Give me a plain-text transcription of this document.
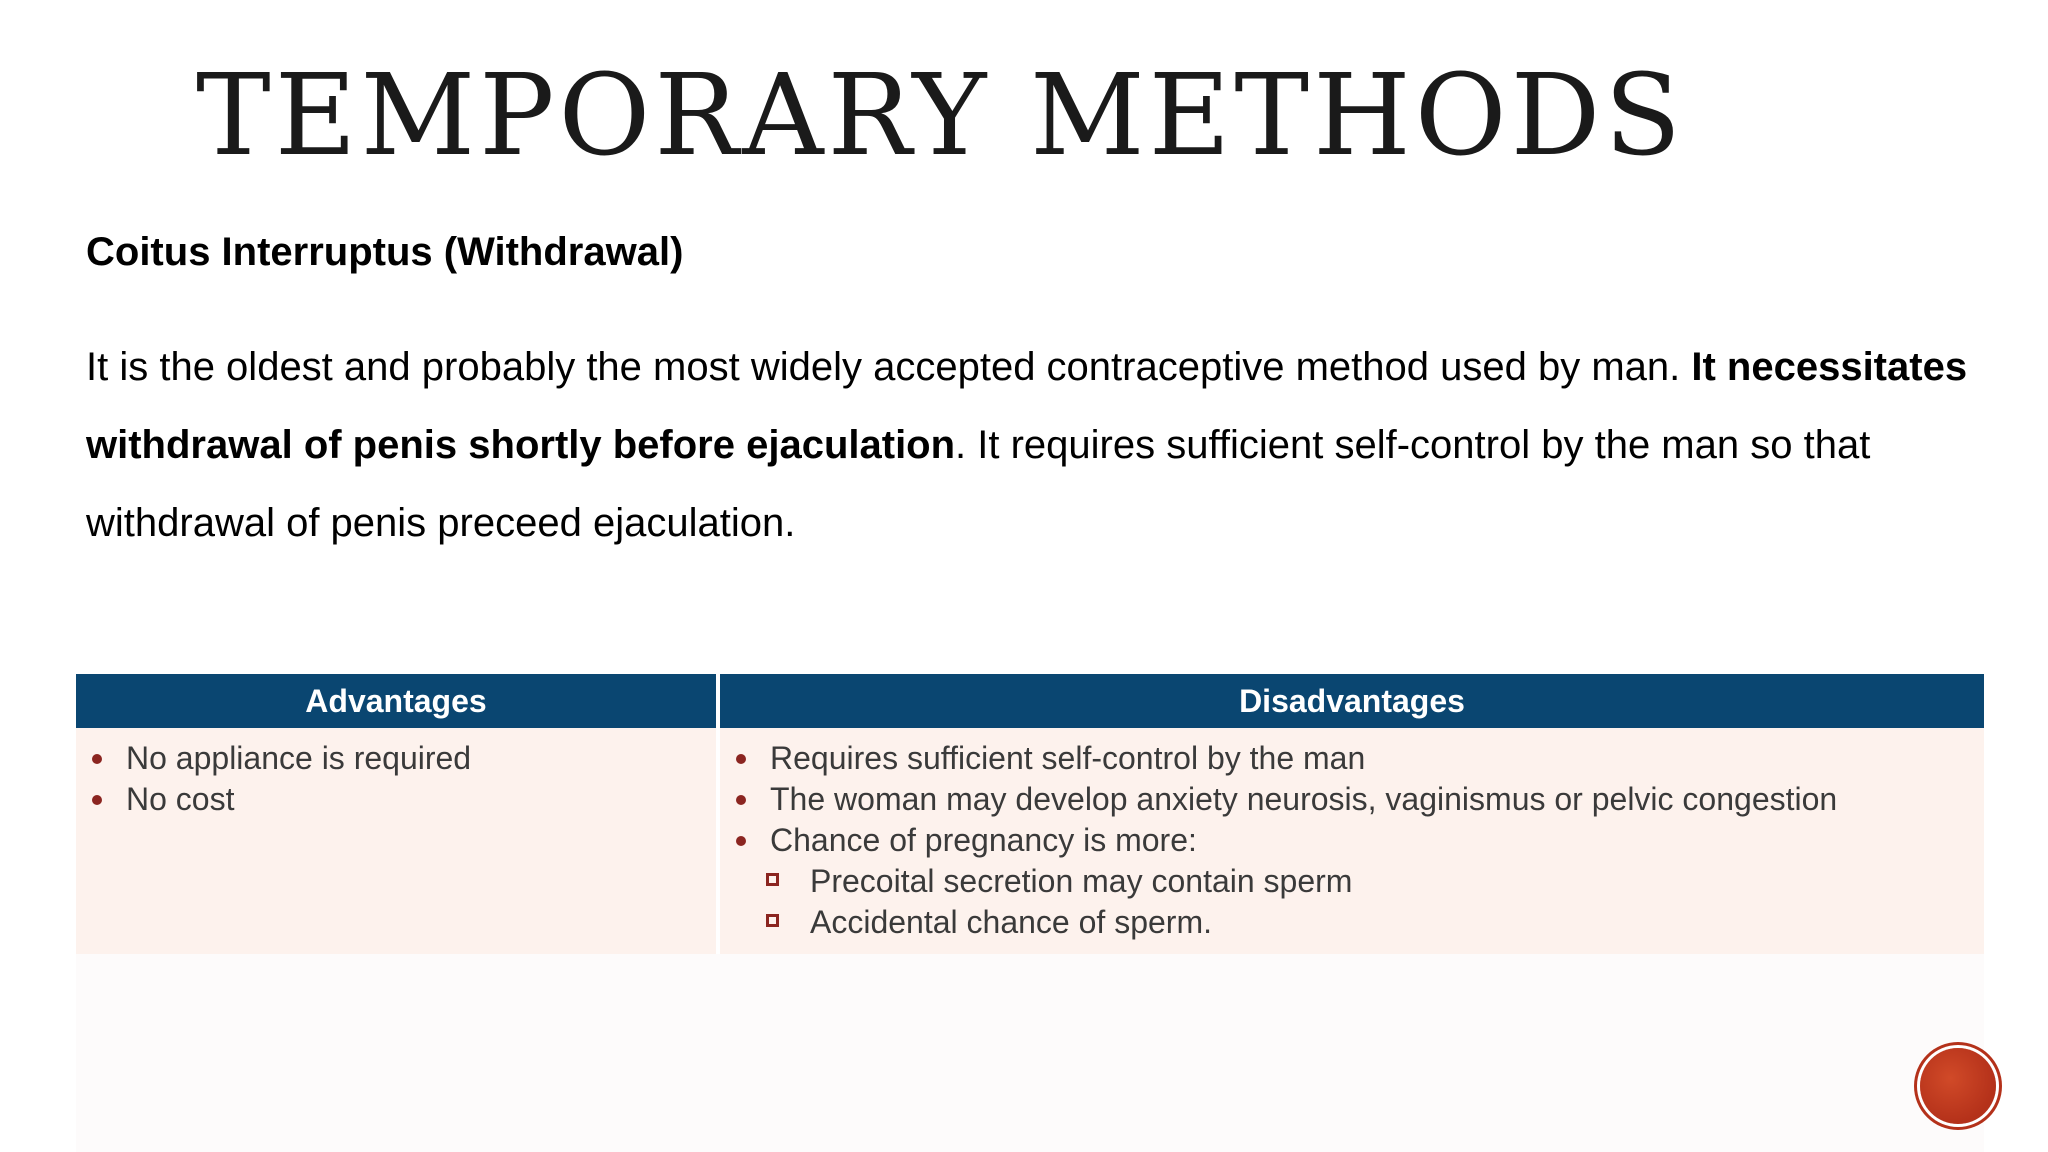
TEMPORARY METHODS
Coitus Interruptus (Withdrawal)

It is the oldest and probably the most widely accepted contraceptive method used by man. It necessitates withdrawal of penis shortly before ejaculation. It requires sufficient self-control by the man so that withdrawal of penis preceed ejaculation.

Advantages
No appliance is required
No cost
Disadvantages
Requires sufficient self-control by the man
The woman may develop anxiety neurosis, vaginismus or pelvic congestion
Chance of pregnancy is more:
Precoital secretion may contain sperm
Accidental chance of sperm.
